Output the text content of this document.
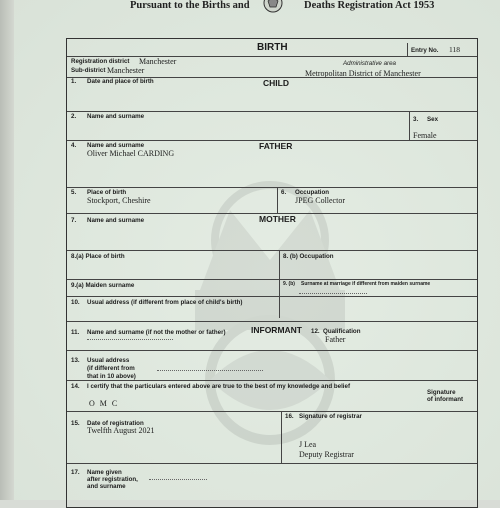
Pursuant to the Births and	Deaths Registration Act 1953
BIRTH	Entry No. 118
Registration district Manchester
Sub-district Manchester
Administrative area
Metropolitan District of Manchester
1. Date and place of birth	CHILD
2. Name and surname	3. Sex
Female
4. Name and surname
Oliver Michael CARDING
FATHER
5. Place of birth
Stockport, Cheshire
6. Occupation
JPEG Collector
7. Name and surname	MOTHER
8.(a) Place of birth	8. (b) Occupation
9.(a) Maiden surname	9. (b) Surname at marriage if different from maiden surname
10. Usual address (if different from place of child's birth)
11. Name and surname (if not the mother or father)	INFORMANT 12. Qualification
Father
13. Usual address
(if different from
that in 10 above)
14. I certify that the particulars entered above are true to the best of my knowledge and belief
O M C
Signature
of informant
15. Date of registration
Twelfth August 2021
16. Signature of registrar
J Lea
Deputy Registrar
17. Name given
after registration,
and surname
